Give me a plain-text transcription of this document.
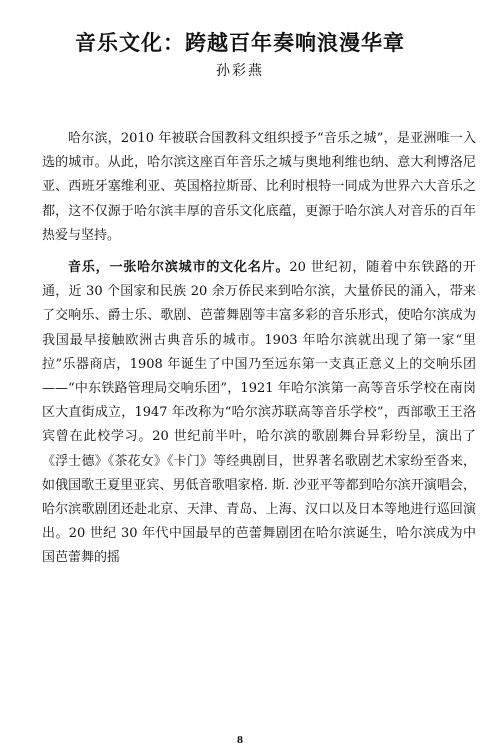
音乐文化：跨越百年奏响浪漫华章
孙彩燕

哈尔滨，2010 年被联合国教科文组织授予“音乐之城”，是亚洲唯一入选的城市。从此，哈尔滨这座百年音乐之城与奥地利维也纳、意大利博洛尼亚、西班牙塞维利亚、英国格拉斯哥、比利时根特一同成为世界六大音乐之都，这不仅源于哈尔滨丰厚的音乐文化底蕴，更源于哈尔滨人对音乐的百年热爱与坚持。

音乐，一张哈尔滨城市的文化名片。20 世纪初，随着中东铁路的开通，近 30 个国家和民族 20 余万侨民来到哈尔滨，大量侨民的涌入，带来了交响乐、爵士乐、歌剧、芭蕾舞剧等丰富多彩的音乐形式，使哈尔滨成为我国最早接触欧洲古典音乐的城市。1903 年哈尔滨就出现了第一家“里拉”乐器商店，1908 年诞生了中国乃至远东第一支真正意义上的交响乐团——“中东铁路管理局交响乐团”，1921 年哈尔滨第一高等音乐学校在南岗区大直街成立，1947 年改称为“哈尔滨苏联高等音乐学校”，西部歌王王洛宾曾在此校学习。20 世纪前半叶，哈尔滨的歌剧舞台异彩纷呈，演出了《浮士德》《茶花女》《卡门》等经典剧目，世界著名歌剧艺术家纷至沓来，如俄国歌王夏里亚宾、男低音歌唱家格. 斯. 沙亚平等都到哈尔滨开演唱会，哈尔滨歌剧团还赴北京、天津、青岛、上海、汉口以及日本等地进行巡回演出。20 世纪 30 年代中国最早的芭蕾舞剧团在哈尔滨诞生，哈尔滨成为中国芭蕾舞的摇

8
